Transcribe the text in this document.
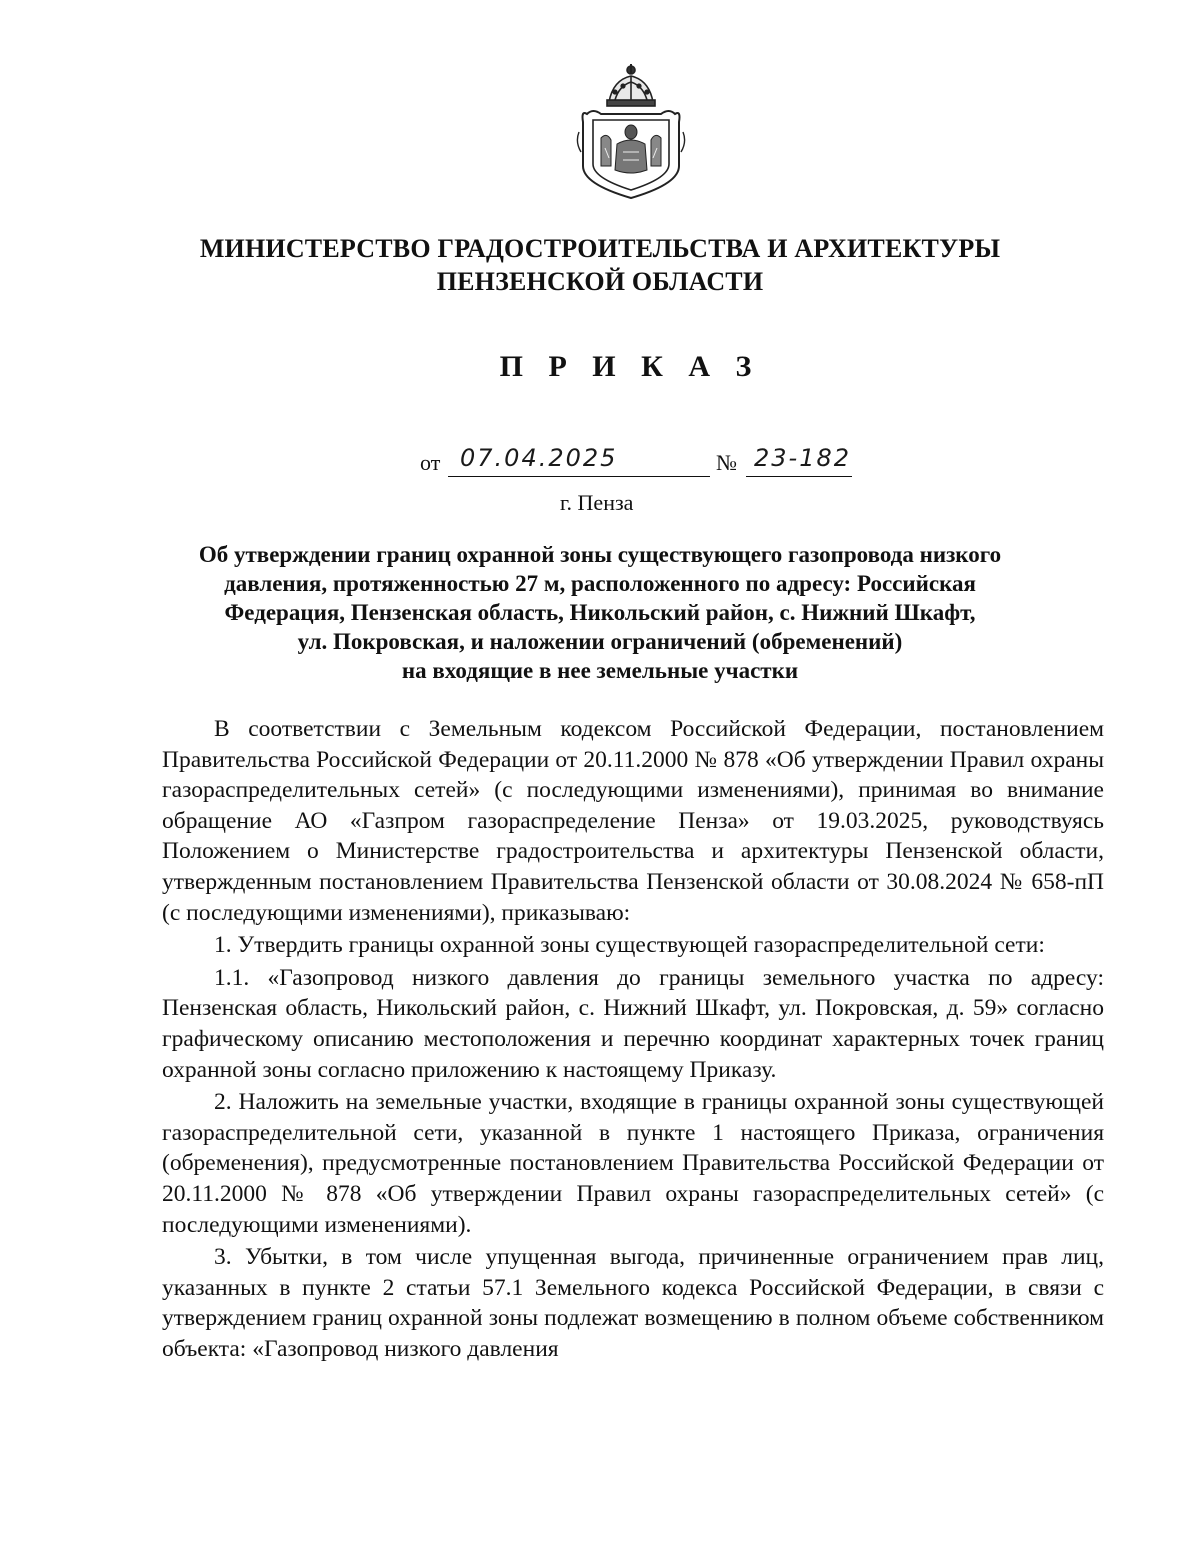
МИНИСТЕРСТВО ГРАДОСТРОИТЕЛЬСТВА И АРХИТЕКТУРЫ
ПЕНЗЕНСКОЙ ОБЛАСТИ
П Р И К А З
от 07.04.2025	№ 23-182
г. Пенза
Об утверждении границ охранной зоны существующего газопровода низкого
давления, протяженностью 27 м, расположенного по адресу: Российская
Федерация, Пензенская область, Никольский район, с. Нижний Шкафт,
ул. Покровская, и наложении ограничений (обременений)
на входящие в нее земельные участки

В соответствии с Земельным кодексом Российской Федерации, постановлением Правительства Российской Федерации от 20.11.2000 № 878 «Об утверждении Правил охраны газораспределительных сетей» (с последующими изменениями), принимая во внимание обращение АО «Газпром газораспределение Пенза» от 19.03.2025, руководствуясь Положением о Министерстве градостроительства и архитектуры Пензенской области, утвержденным постановлением Правительства Пензенской области от 30.08.2024 № 658-пП (с последующими изменениями), приказываю:

1. Утвердить границы охранной зоны существующей газораспределительной сети:

1.1. «Газопровод низкого давления до границы земельного участка по адресу: Пензенская область, Никольский район, с. Нижний Шкафт, ул. Покровская, д. 59» согласно графическому описанию местоположения и перечню координат характерных точек границ охранной зоны согласно приложению к настоящему Приказу.

2. Наложить на земельные участки, входящие в границы охранной зоны существующей газораспределительной сети, указанной в пункте 1 настоящего Приказа, ограничения (обременения), предусмотренные постановлением Правительства Российской Федерации от 20.11.2000 № 878 «Об утверждении Правил охраны газораспределительных сетей» (с последующими изменениями).

3. Убытки, в том числе упущенная выгода, причиненные ограничением прав лиц, указанных в пункте 2 статьи 57.1 Земельного кодекса Российской Федерации, в связи с утверждением границ охранной зоны подлежат возмещению в полном объеме собственником объекта: «Газопровод низкого давления
